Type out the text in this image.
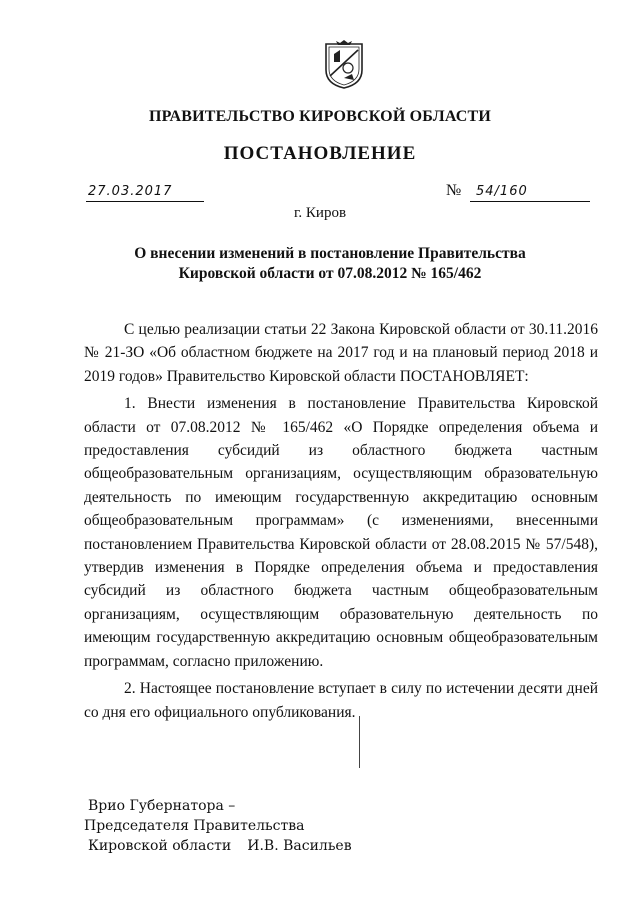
ПРАВИТЕЛЬСТВО КИРОВСКОЙ ОБЛАСТИ
ПОСТАНОВЛЕНИЕ
27.03.2017	№ 54/160
г. Киров
О внесении изменений в постановление Правительства
Кировской области от 07.08.2012 № 165/462

С целью реализации статьи 22 Закона Кировской области от 30.11.2016 № 21-ЗО «Об областном бюджете на 2017 год и на плановый период 2018 и 2019 годов» Правительство Кировской области ПОСТАНОВЛЯЕТ:

1. Внести изменения в постановление Правительства Кировской области от 07.08.2012 № 165/462 «О Порядке определения объема и предоставления субсидий из областного бюджета частным общеобразовательным организациям, осуществляющим образовательную деятельность по имеющим государственную аккредитацию основным общеобразовательным программам» (с изменениями, внесенными постановлением Правительства Кировской области от 28.08.2015 № 57/548), утвердив изменения в Порядке определения объема и предоставления субсидий из областного бюджета частным общеобразовательным организациям, осуществляющим образовательную деятельность по имеющим государственную аккредитацию основным общеобразовательным программам, согласно приложению.

2. Настоящее постановление вступает в силу по истечении десяти дней со дня его официального опубликования.

Врио Губернатора –
Председателя Правительства
Кировской области И.В. Васильев
